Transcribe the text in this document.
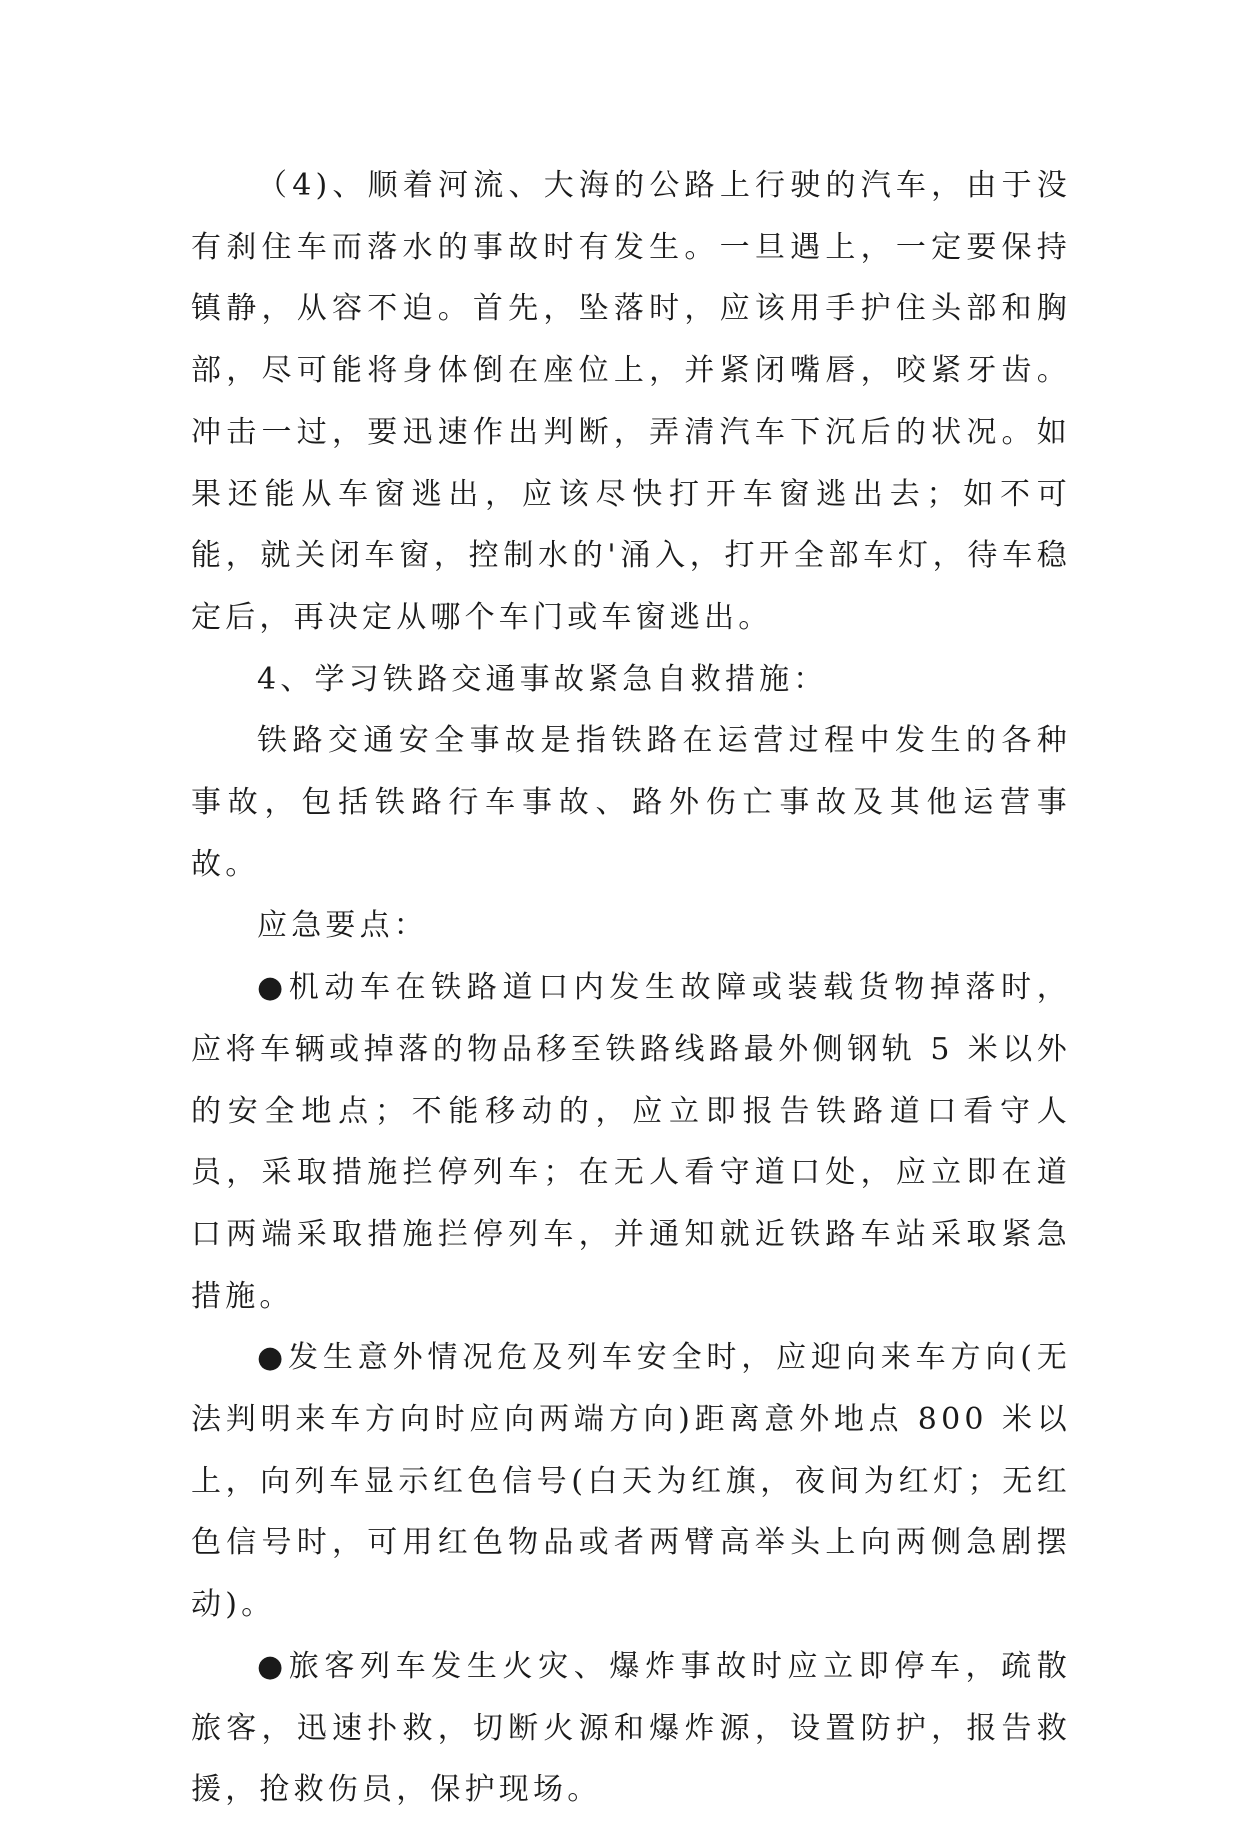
（4)、顺着河流、大海的公路上行驶的汽车，由于没有刹住车而落水的事故时有发生。一旦遇上，一定要保持镇静，从容不迫。首先，坠落时，应该用手护住头部和胸部，尽可能将身体倒在座位上，并紧闭嘴唇，咬紧牙齿。冲击一过，要迅速作出判断，弄清汽车下沉后的状况。如果还能从车窗逃出，应该尽快打开车窗逃出去；如不可能，就关闭车窗，控制水的'涌入，打开全部车灯，待车稳定后，再决定从哪个车门或车窗逃出。

4、学习铁路交通事故紧急自救措施：

铁路交通安全事故是指铁路在运营过程中发生的各种事故，包括铁路行车事故、路外伤亡事故及其他运营事故。

应急要点：

●机动车在铁路道口内发生故障或装载货物掉落时，应将车辆或掉落的物品移至铁路线路最外侧钢轨 5 米以外的安全地点；不能移动的，应立即报告铁路道口看守人员，采取措施拦停列车；在无人看守道口处，应立即在道口两端采取措施拦停列车，并通知就近铁路车站采取紧急措施。

●发生意外情况危及列车安全时，应迎向来车方向(无法判明来车方向时应向两端方向)距离意外地点 800 米以上，向列车显示红色信号(白天为红旗，夜间为红灯；无红色信号时，可用红色物品或者两臂高举头上向两侧急剧摆动)。

●旅客列车发生火灾、爆炸事故时应立即停车，疏散旅客，迅速扑救，切断火源和爆炸源，设置防护，报告救援，抢救伤员，保护现场。
